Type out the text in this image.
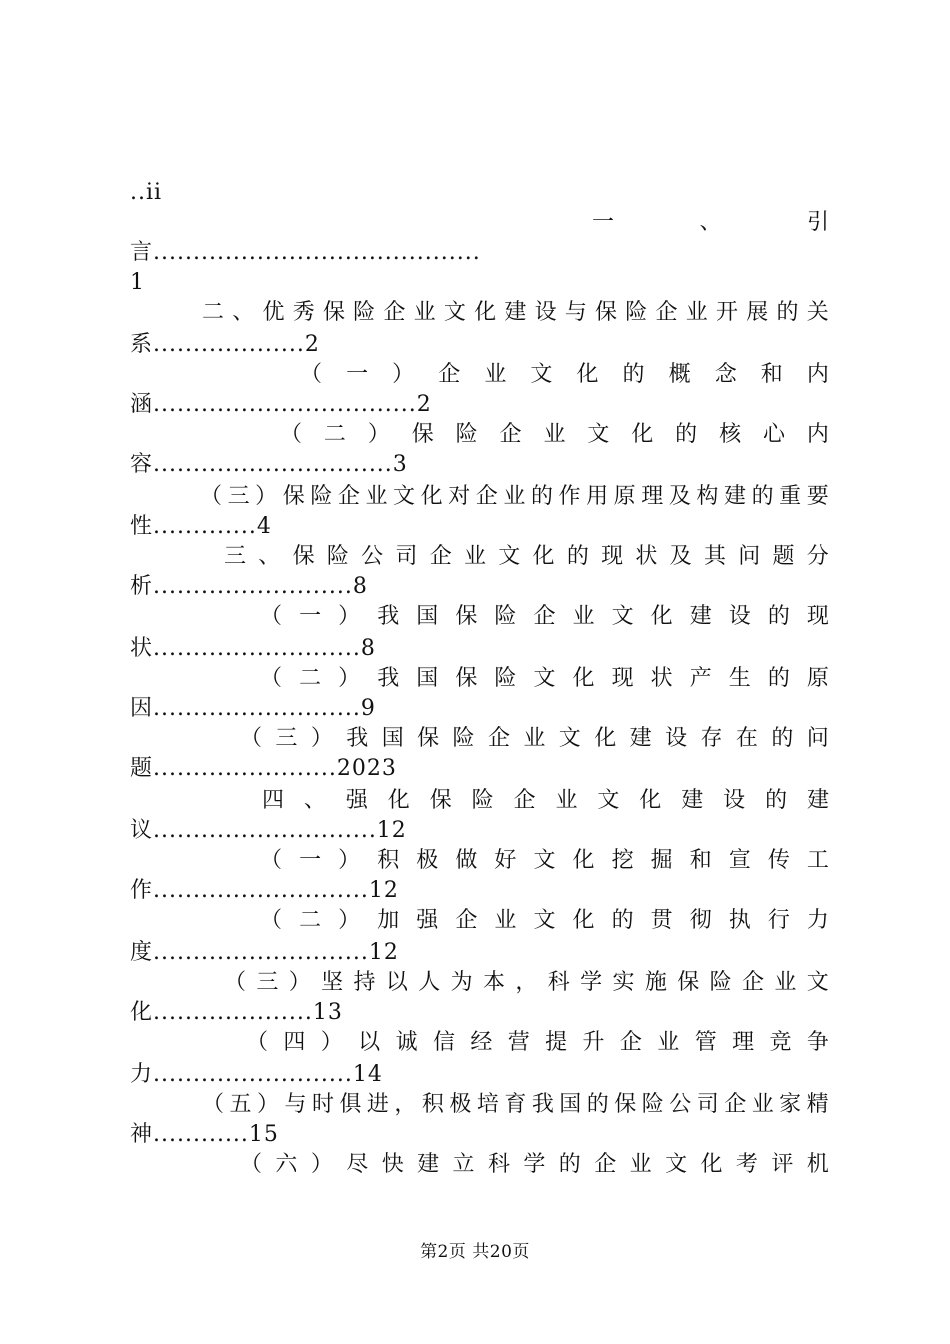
..ii
一	、	引
言.........................................
1
二 、 优 秀 保 险 企 业 文 化 建 设 与 保 险 企 业 开 展 的 关
系...................2
（ 一 ） 企 业 文 化 的 概 念 和 内
涵.................................2
（ 二 ） 保 险 企 业 文 化 的 核 心 内
容..............................3
（ 三 ） 保 险 企 业 文 化 对 企 业 的 作 用 原 理 及 构 建 的 重 要
性.............4
三 、 保 险 公 司 企 业 文 化 的 现 状 及 其 问 题 分
析.........................8
（ 一 ） 我 国 保 险 企 业 文 化 建 设 的 现
状..........................8
（ 二 ） 我 国 保 险 文 化 现 状 产 生 的 原
因..........................9
（ 三 ） 我 国 保 险 企 业 文 化 建 设 存 在 的 问
题.......................2023
四 、 强 化 保 险 企 业 文 化 建 设 的 建
议............................12
（ 一 ） 积 极 做 好 文 化 挖 掘 和 宣 传 工
作...........................12
（ 二 ） 加 强 企 业 文 化 的 贯 彻 执 行 力
度...........................12
（ 三 ） 坚 持 以 人 为 本 ， 科 学 实 施 保 险 企 业 文
化....................13
（ 四 ） 以 诚 信 经 营 提 升 企 业 管 理 竞 争
力.........................14
（ 五 ） 与 时 俱 进 ， 积 极 培 育 我 国 的 保 险 公 司 企 业 家 精
神............15
（ 六 ） 尽 快 建 立 科 学 的 企 业 文 化 考 评 机
第2页 共20页
